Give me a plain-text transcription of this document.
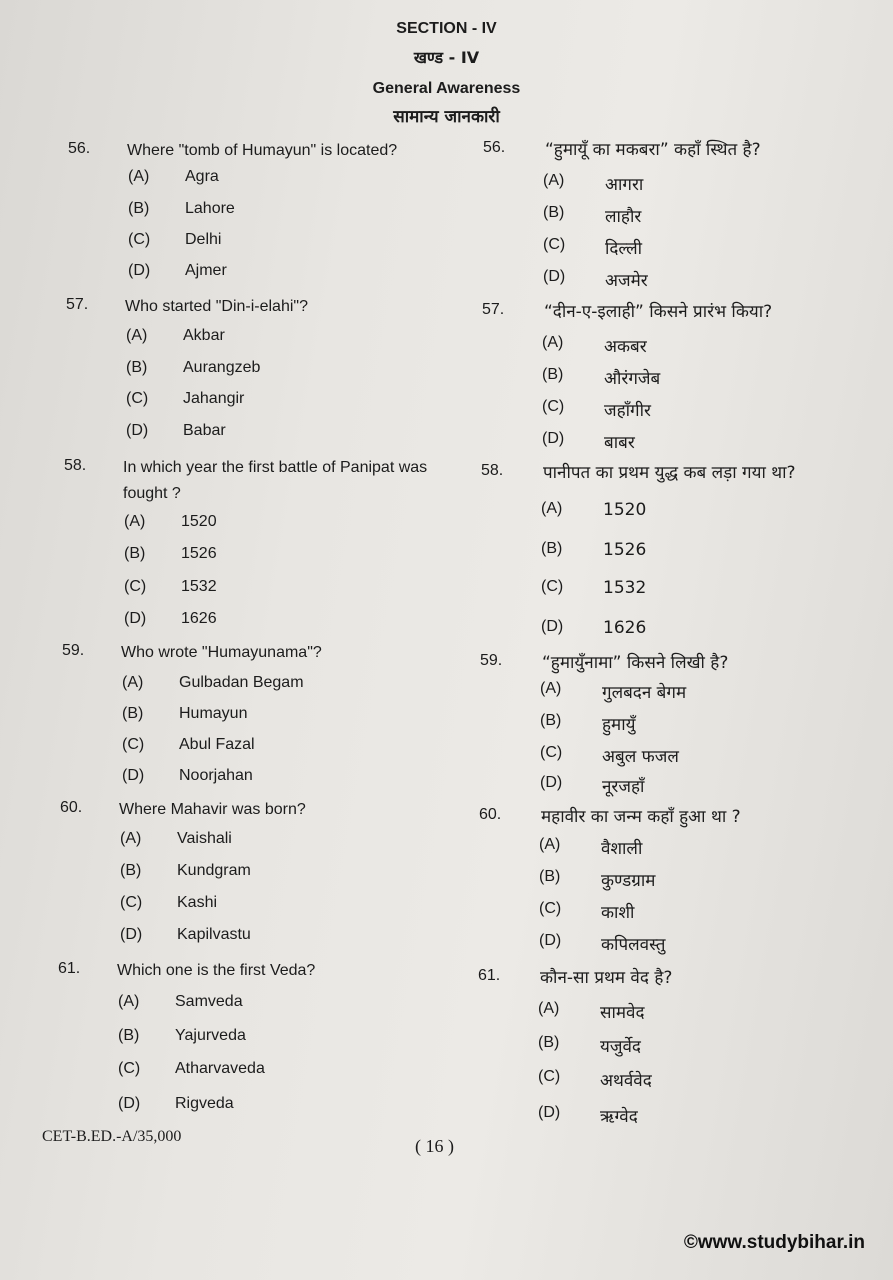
SECTION - IV
खण्ड - IV
General Awareness
सामान्य जानकारी
56. Where "tomb of Humayun" is located?
(A) Agra
(B) Lahore
(C) Delhi
(D) Ajmer
57. Who started "Din-i-elahi"?
(A) Akbar
(B) Aurangzeb
(C) Jahangir
(D) Babar
58. In which year the first battle of Panipat was fought ?
(A) 1520
(B) 1526
(C) 1532
(D) 1626
59. Who wrote "Humayunama"?
(A) Gulbadan Begam
(B) Humayun
(C) Abul Fazal
(D) Noorjahan
60. Where Mahavir was born?
(A) Vaishali
(B) Kundgram
(C) Kashi
(D) Kapilvastu
61. Which one is the first Veda?
(A) Samveda
(B) Yajurveda
(C) Atharvaveda
(D) Rigveda
56. “हुमायूँ का मकबरा” कहाँ स्थित है?
(A) आगरा
(B) लाहौर
(C) दिल्ली
(D) अजमेर
57. “दीन-ए-इलाही” किसने प्रारंभ किया?
(A) अकबर
(B) औरंगजेब
(C) जहाँगीर
(D) बाबर
58. पानीपत का प्रथम युद्ध कब लड़ा गया था?
(A) 1520
(B) 1526
(C) 1532
(D) 1626
59. “हुमायुँनामा” किसने लिखी है?
(A) गुलबदन बेगम
(B) हुमायुँ
(C) अबुल फजल
(D) नूरजहाँ
60. महावीर का जन्म कहाँ हुआ था ?
(A) वैशाली
(B) कुण्डग्राम
(C) काशी
(D) कपिलवस्तु
61. कौन-सा प्रथम वेद है?
(A) सामवेद
(B) यजुर्वेद
(C) अथर्ववेद
(D) ऋग्वेद
CET-B.ED.-A/35,000	( 16 )
©www.studybihar.in
